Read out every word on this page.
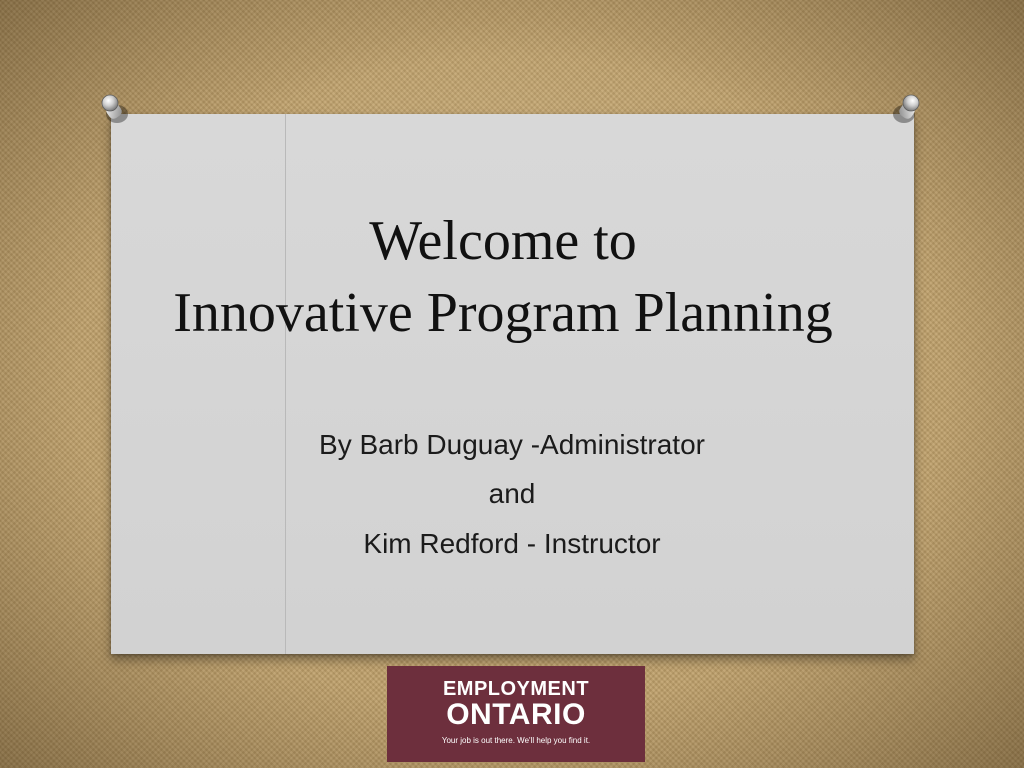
Welcome to
Innovative Program Planning
By Barb Duguay -Administrator
and
Kim Redford - Instructor
EMPLOYMENT
ONTARIO
Your job is out there. We'll help you find it.
